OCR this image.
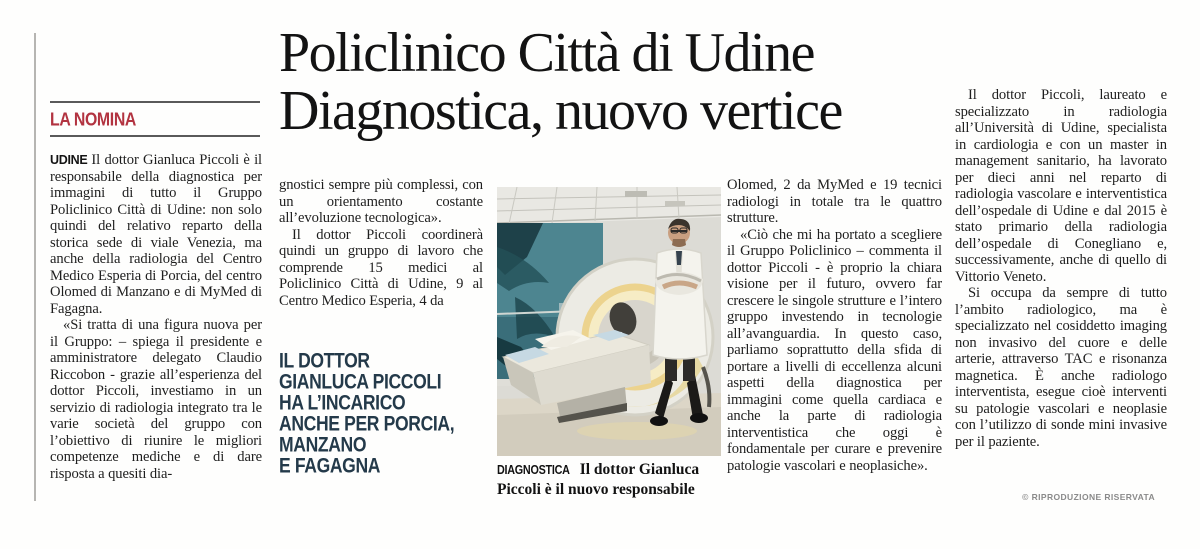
LA NOMINA
Policlinico Città di Udine
Diagnostica, nuovo vertice

UDINE Il dottor Gianluca Piccoli è il responsabile della diagnostica per immagini di tutto il Gruppo Policlinico Città di Udine: non solo quindi del relativo reparto della storica sede di viale Venezia, ma anche della radiologia del Centro Medico Esperia di Porcia, del centro Olomed di Manzano e di MyMed di Fagagna.

«Si tratta di una figura nuova per il Gruppo: – spiega il presidente e amministratore delegato Claudio Riccobon - grazie all’esperienza del dottor Piccoli, investiamo in un servizio di radiologia integrato tra le varie società del gruppo con l’obiettivo di riunire le migliori competenze mediche e di dare risposta a quesiti dia-

gnostici sempre più complessi, con un orientamento costante all’evoluzione tecnologica».

Il dottor Piccoli coordinerà quindi un gruppo di lavoro che comprende 15 medici al Policlinico Città di Udine, 9 al Centro Medico Esperia, 4 da

IL DOTTOR
GIANLUCA PICCOLI
HA L’INCARICO
ANCHE PER PORCIA,
MANZANO
E FAGAGNA	DIAGNOSTICA Il dottor Gianluca Piccoli è il nuovo responsabile

Olomed, 2 da MyMed e 19 tecnici radiologi in totale tra le quattro strutture.

«Ciò che mi ha portato a scegliere il Gruppo Policlinico – commenta il dottor Piccoli - è proprio la chiara visione per il futuro, ovvero far crescere le singole strutture e l’intero gruppo investendo in tecnologie all’avanguardia. In questo caso, parliamo soprattutto della sfida di portare a livelli di eccellenza alcuni aspetti della diagnostica per immagini come quella cardiaca e anche la parte di radiologia interventistica che oggi è fondamentale per curare e prevenire patologie vascolari e neoplasiche».

Il dottor Piccoli, laureato e specializzato in radiologia all’Università di Udine, specialista in cardiologia e con un master in management sanitario, ha lavorato per dieci anni nel reparto di radiologia vascolare e interventistica dell’ospedale di Udine e dal 2015 è stato primario della radiologia dell’ospedale di Conegliano e, successivamente, anche di quello di Vittorio Veneto.

Si occupa da sempre di tutto l’ambito radiologico, ma è specializzato nel cosiddetto imaging non invasivo del cuore e delle arterie, attraverso TAC e risonanza magnetica. È anche radiologo interventista, esegue cioè interventi su patologie vascolari e neoplasie con l’utilizzo di sonde mini invasive per il paziente.

© RIPRODUZIONE RISERVATA
